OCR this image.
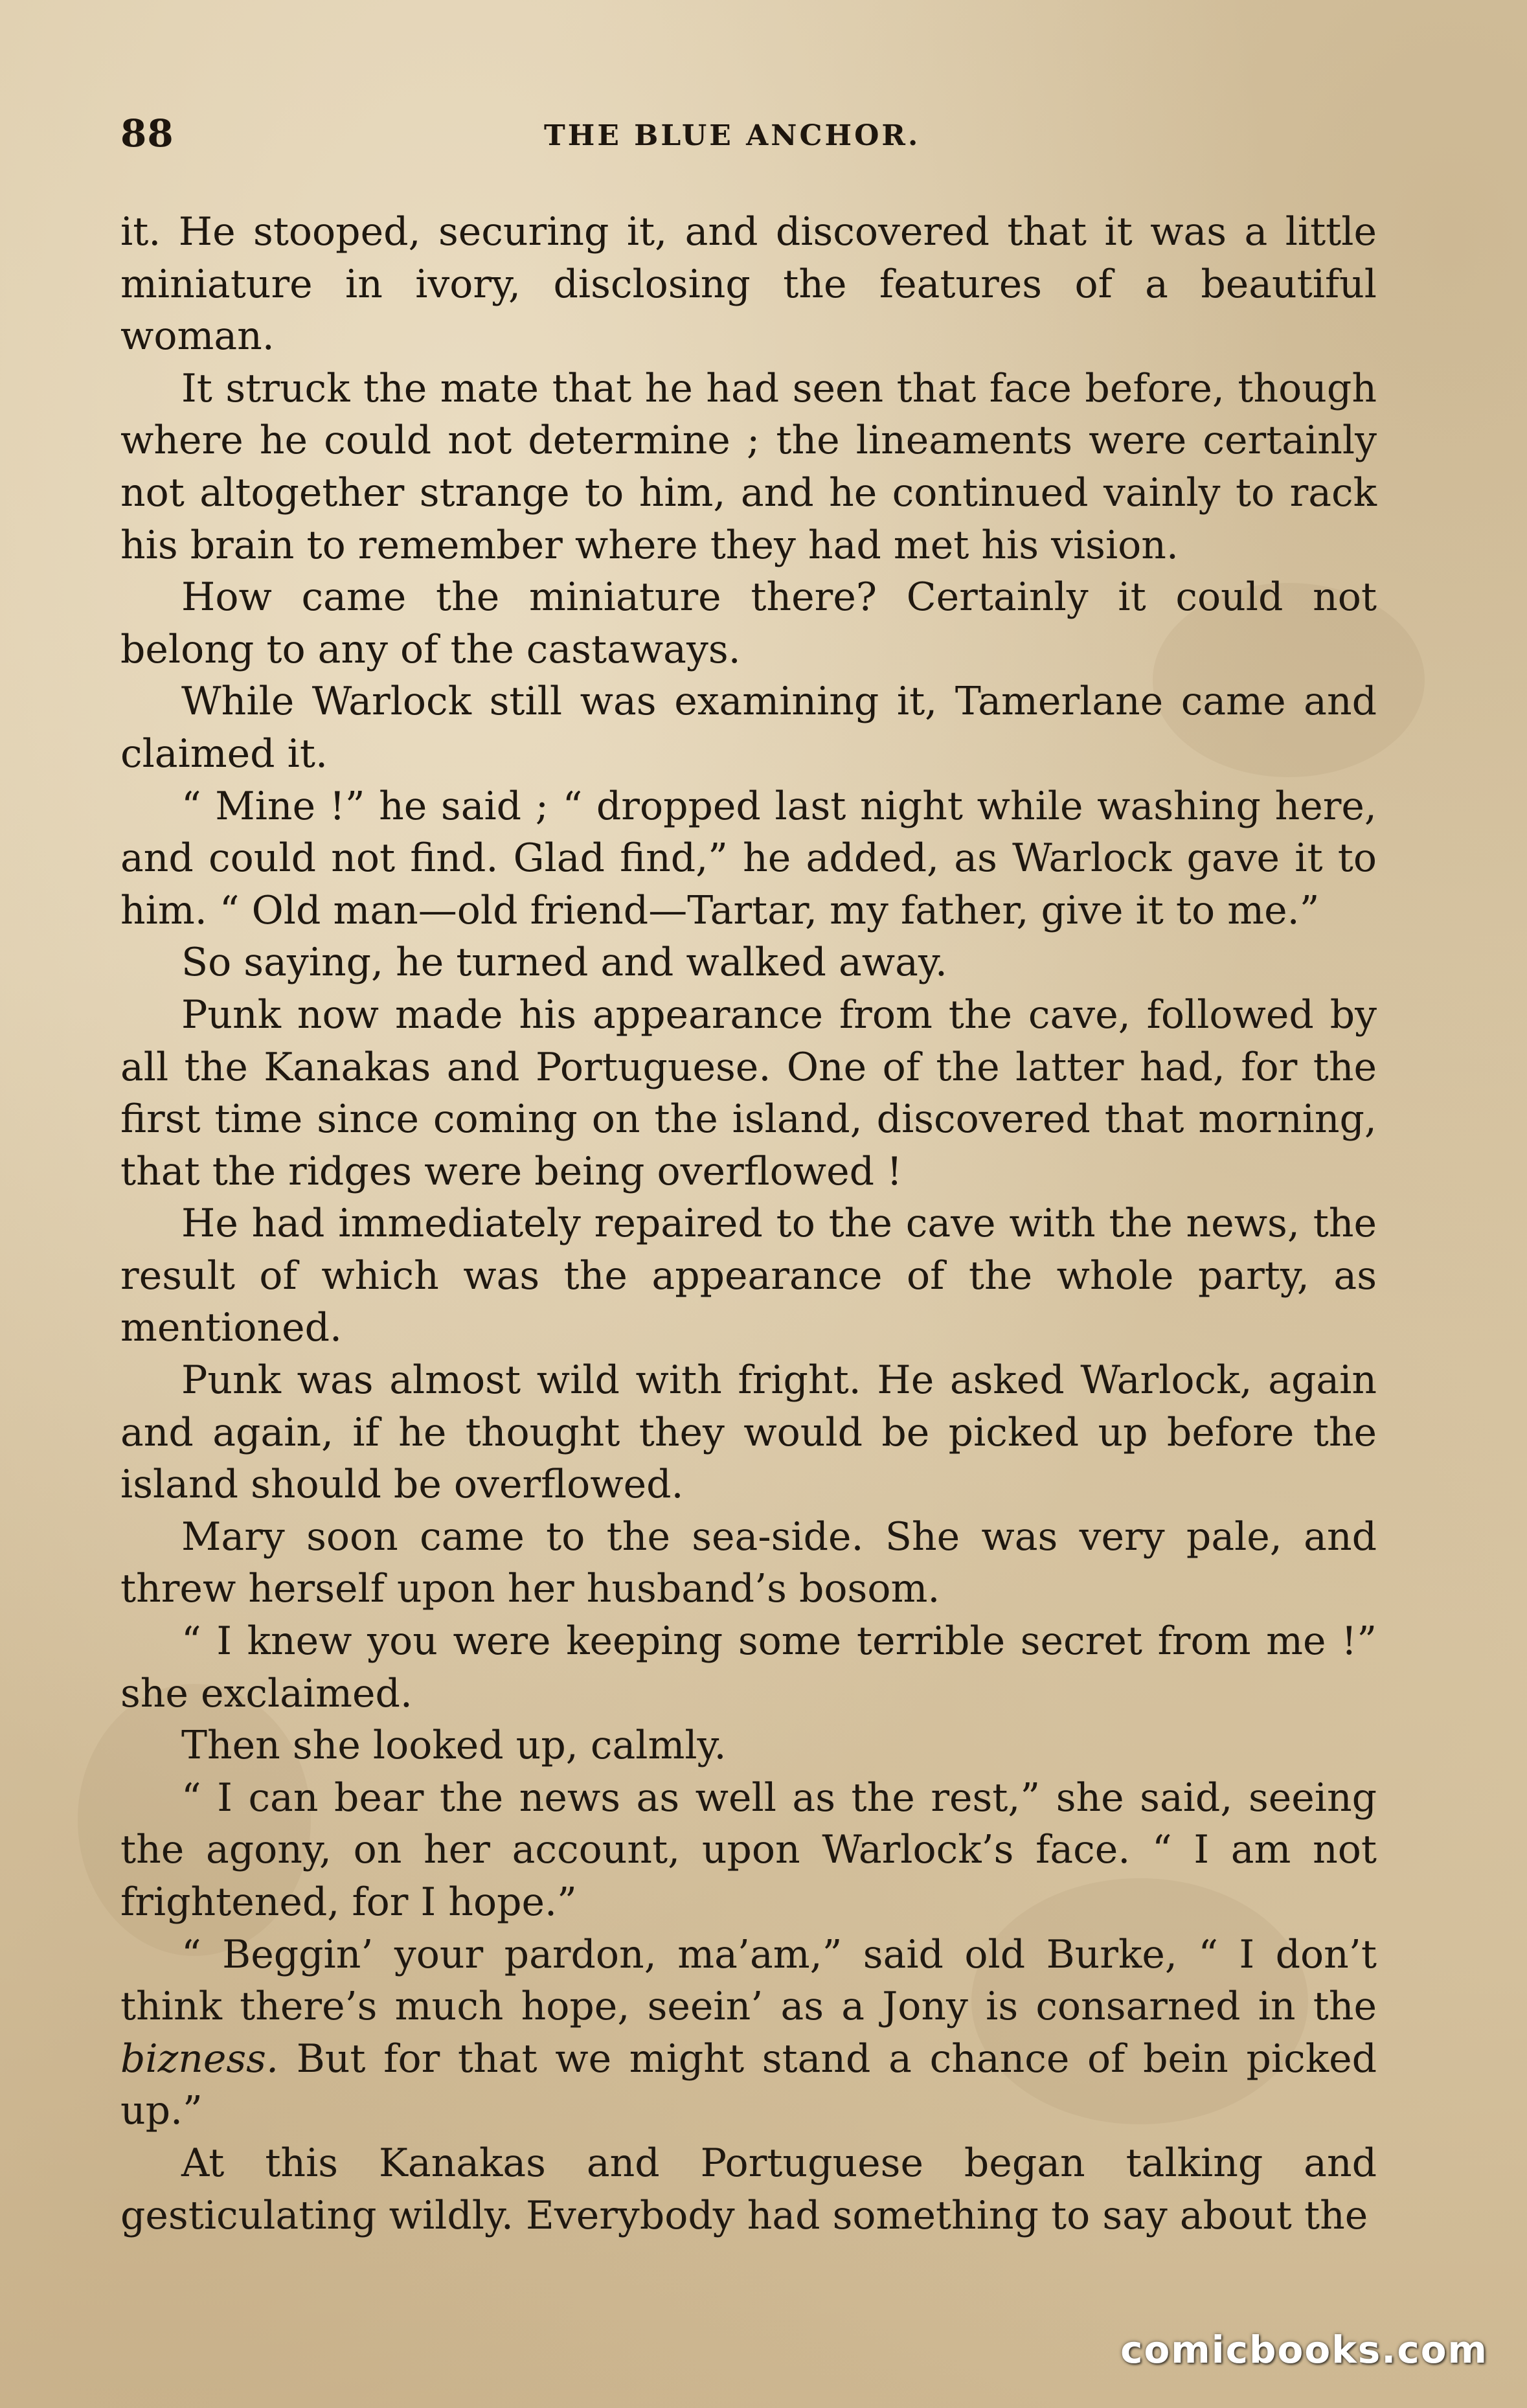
88	THE BLUE ANCHOR.

it. He stooped, securing it, and discovered that it was a little miniature in ivory, disclosing the features of a beautiful woman.

It struck the mate that he had seen that face before, though where he could not determine ; the lineaments were certainly not altogether strange to him, and he continued vainly to rack his brain to remember where they had met his vision.

How came the miniature there? Certainly it could not belong to any of the castaways.

While Warlock still was examining it, Tamerlane came and claimed it.

“ Mine !” he said ; “ dropped last night while washing here, and could not find. Glad find,” he added, as Warlock gave it to him. “ Old man—old friend—Tartar, my father, give it to me.”

So saying, he turned and walked away.

Punk now made his appearance from the cave, followed by all the Kanakas and Portuguese. One of the latter had, for the first time since coming on the island, discovered that morning, that the ridges were being overflowed !

He had immediately repaired to the cave with the news, the result of which was the appearance of the whole party, as mentioned.

Punk was almost wild with fright. He asked Warlock, again and again, if he thought they would be picked up before the island should be overflowed.

Mary soon came to the sea-side. She was very pale, and threw herself upon her husband’s bosom.

“ I knew you were keeping some terrible secret from me !” she exclaimed.

Then she looked up, calmly.

“ I can bear the news as well as the rest,” she said, seeing the agony, on her account, upon Warlock’s face. “ I am not frightened, for I hope.”

“ Beggin’ your pardon, ma’am,” said old Burke, “ I don’t think there’s much hope, seein’ as a Jony is consarned in the bizness. But for that we might stand a chance of bein picked up.”

At this Kanakas and Portuguese began talking and gesticulating wildly. Everybody had something to say about the

comicbooks.com
